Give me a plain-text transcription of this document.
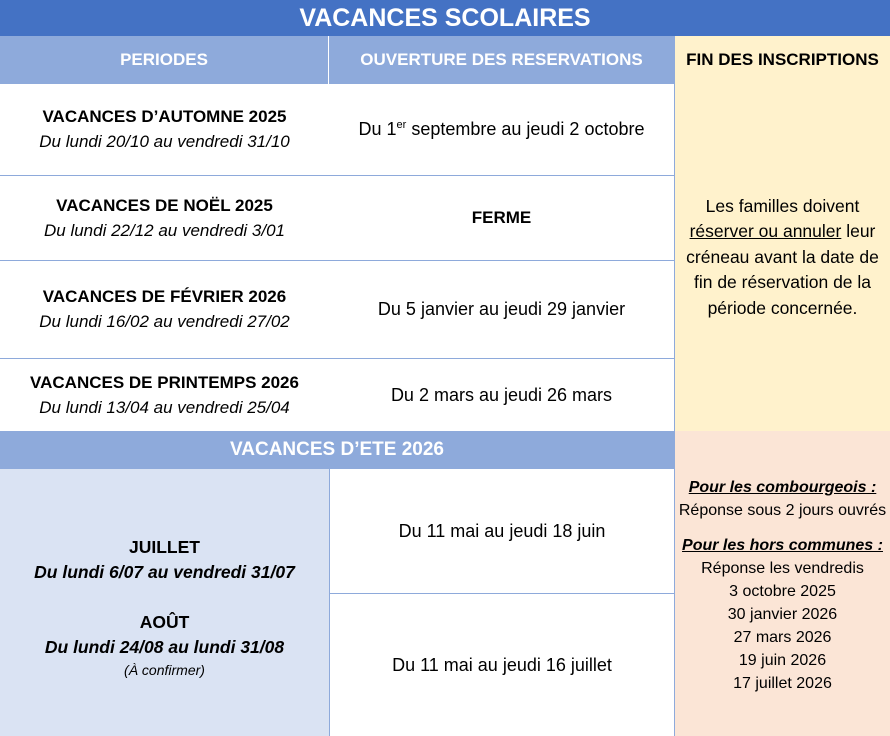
VACANCES SCOLAIRES
PERIODES	OUVERTURE DES RESERVATIONS	FIN DES INSCRIPTIONS
VACANCES D’AUTOMNE 2025
Du lundi 20/10 au vendredi 31/10
Du 1er septembre au jeudi 2 octobre
VACANCES DE NOËL 2025
Du lundi 22/12 au vendredi 3/01
FERME
VACANCES DE FÉVRIER 2026
Du lundi 16/02 au vendredi 27/02
Du 5 janvier au jeudi 29 janvier
VACANCES DE PRINTEMPS 2026
Du lundi 13/04 au vendredi 25/04
Du 2 mars au jeudi 26 mars
Les familles doivent
réserver ou annuler leur
créneau avant la date de
fin de réservation de la
période concernée.
VACANCES D’ETE 2026
JUILLET
Du lundi 6/07 au vendredi 31/07
AOÛT
Du lundi 24/08 au lundi 31/08
(À confirmer)
Du 11 mai au jeudi 18 juin
Du 11 mai au jeudi 16 juillet
Pour les combourgeois :
Réponse sous 2 jours ouvrés
Pour les hors communes :
Réponse les vendredis
3 octobre 2025
30 janvier 2026
27 mars 2026
19 juin 2026
17 juillet 2026
